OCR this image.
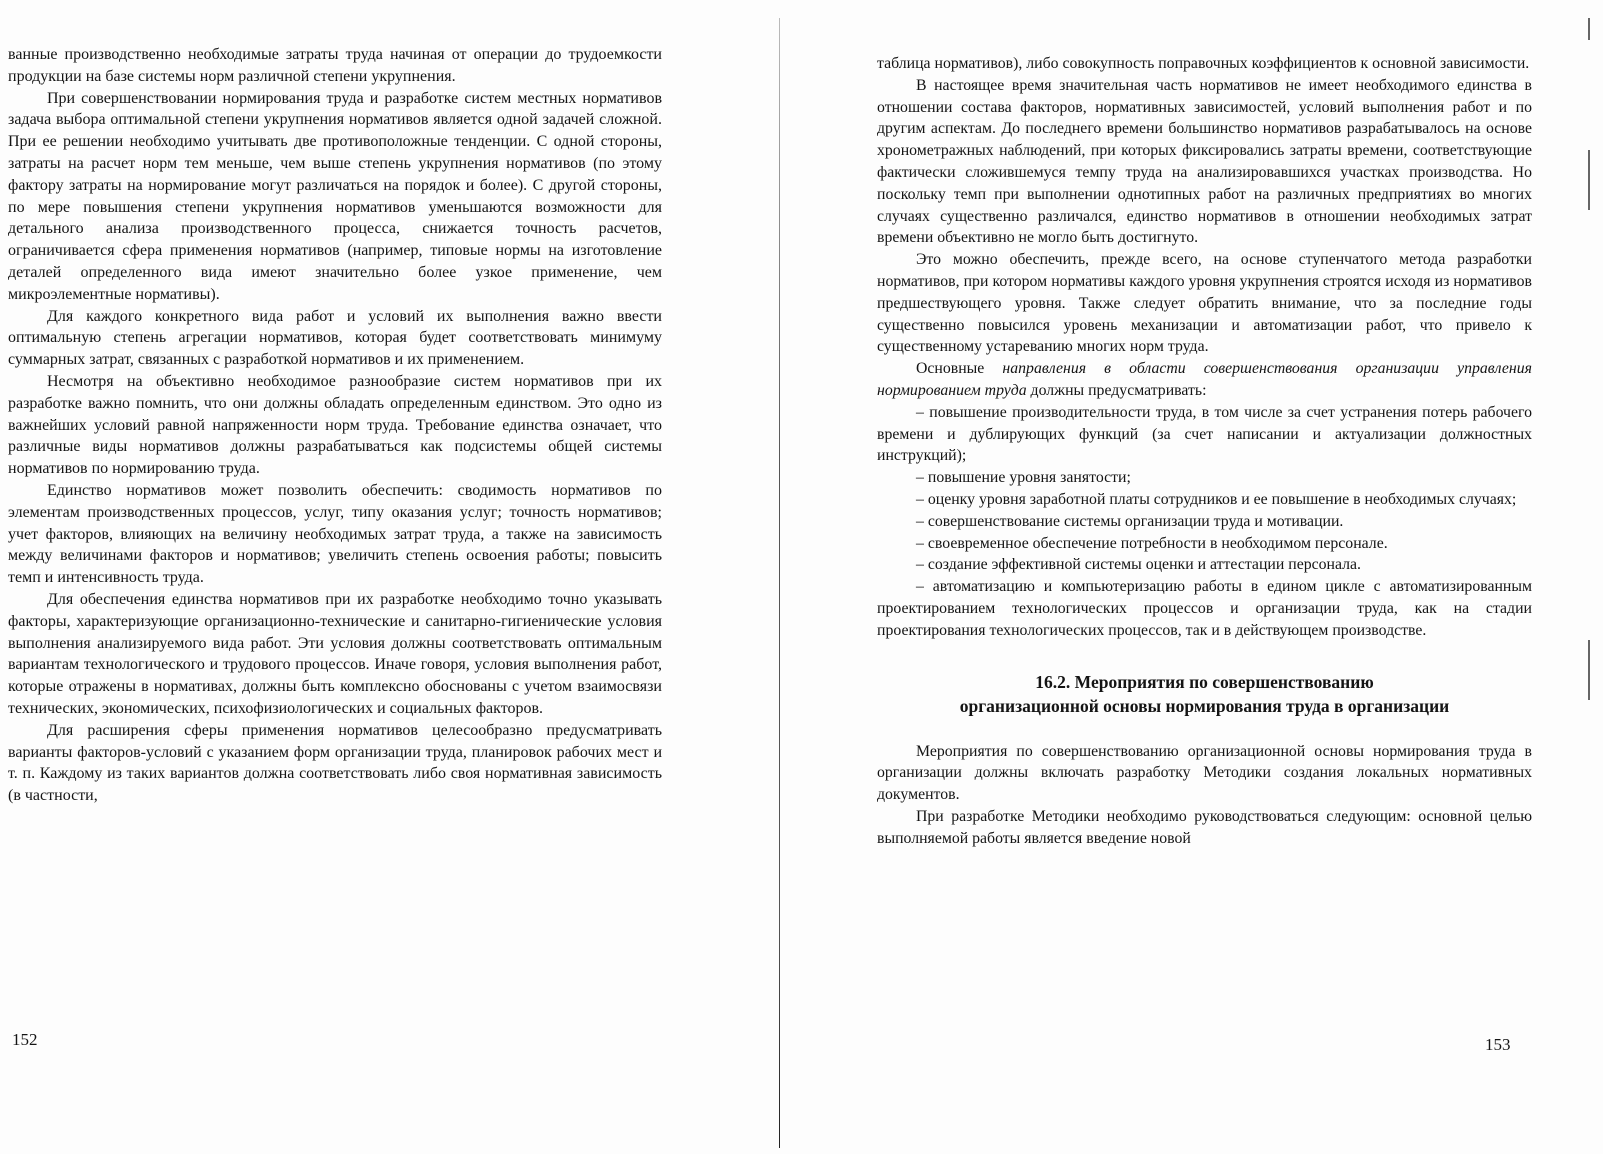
ванные производственно необходимые затраты труда начиная от операции до трудоемкости продукции на базе системы норм различной степени укрупнения.

При совершенствовании нормирования труда и разработке систем местных нормативов задача выбора оптимальной степени укрупнения нормативов является одной задачей сложной. При ее решении необходимо учитывать две противоположные тенденции. С одной стороны, затраты на расчет норм тем меньше, чем выше степень укрупнения нормативов (по этому фактору затраты на нормирование могут различаться на порядок и более). С другой стороны, по мере повышения степени укрупнения нормативов уменьшаются возможности для детального анализа производственного процесса, снижается точность расчетов, ограничивается сфера применения нормативов (например, типовые нормы на изготовление деталей определенного вида имеют значительно более узкое применение, чем микроэлементные нормативы).

Для каждого конкретного вида работ и условий их выполнения важно ввести оптимальную степень агрегации нормативов, которая будет соответствовать минимуму суммарных затрат, связанных с разработкой нормативов и их применением.

Несмотря на объективно необходимое разнообразие систем нормативов при их разработке важно помнить, что они должны обладать определенным единством. Это одно из важнейших условий равной напряженности норм труда. Требование единства означает, что различные виды нормативов должны разрабатываться как подсистемы общей системы нормативов по нормированию труда.

Единство нормативов может позволить обеспечить: сводимость нормативов по элементам производственных процессов, услуг, типу оказания услуг; точность нормативов; учет факторов, влияющих на величину необходимых затрат труда, а также на зависимость между величинами факторов и нормативов; увеличить степень освоения работы; повысить темп и интенсивность труда.

Для обеспечения единства нормативов при их разработке необходимо точно указывать факторы, характеризующие организационно-технические и санитарно-гигиенические условия выполнения анализируемого вида работ. Эти условия должны соответствовать оптимальным вариантам технологического и трудового процессов. Иначе говоря, условия выполнения работ, которые отражены в нормативах, должны быть комплексно обоснованы с учетом взаимосвязи технических, экономических, психофизиологических и социальных факторов.

Для расширения сферы применения нормативов целесообразно предусматривать варианты факторов-условий с указанием форм организации труда, планировок рабочих мест и т. п. Каждому из таких вариантов должна соответствовать либо своя нормативная зависимость (в частности,

152

таблица нормативов), либо совокупность поправочных коэффициентов к основной зависимости.

В настоящее время значительная часть нормативов не имеет необходимого единства в отношении состава факторов, нормативных зависимостей, условий выполнения работ и по другим аспектам. До последнего времени большинство нормативов разрабатывалось на основе хронометражных наблюдений, при которых фиксировались затраты времени, соответствующие фактически сложившемуся темпу труда на анализировавшихся участках производства. Но поскольку темп при выполнении однотипных работ на различных предприятиях во многих случаях существенно различался, единство нормативов в отношении необходимых затрат времени объективно не могло быть достигнуто.

Это можно обеспечить, прежде всего, на основе ступенчатого метода разработки нормативов, при котором нормативы каждого уровня укрупнения строятся исходя из нормативов предшествующего уровня. Также следует обратить внимание, что за последние годы существенно повысился уровень механизации и автоматизации работ, что привело к существенному устареванию многих норм труда.

Основные направления в области совершенствования организации управления нормированием труда должны предусматривать:

– повышение производительности труда, в том числе за счет устранения потерь рабочего времени и дублирующих функций (за счет написании и актуализации должностных инструкций);
– повышение уровня занятости;
– оценку уровня заработной платы сотрудников и ее повышение в необходимых случаях;
– совершенствование системы организации труда и мотивации.
– своевременное обеспечение потребности в необходимом персонале.
– создание эффективной системы оценки и аттестации персонала.
– автоматизацию и компьютеризацию работы в едином цикле с автоматизированным проектированием технологических процессов и организации труда, как на стадии проектирования технологических процессов, так и в действующем производстве.
16.2. Мероприятия по совершенствованию
организационной основы нормирования труда в организации

Мероприятия по совершенствованию организационной основы нормирования труда в организации должны включать разработку Методики создания локальных нормативных документов.

При разработке Методики необходимо руководствоваться следующим: основной целью выполняемой работы является введение новой

153
